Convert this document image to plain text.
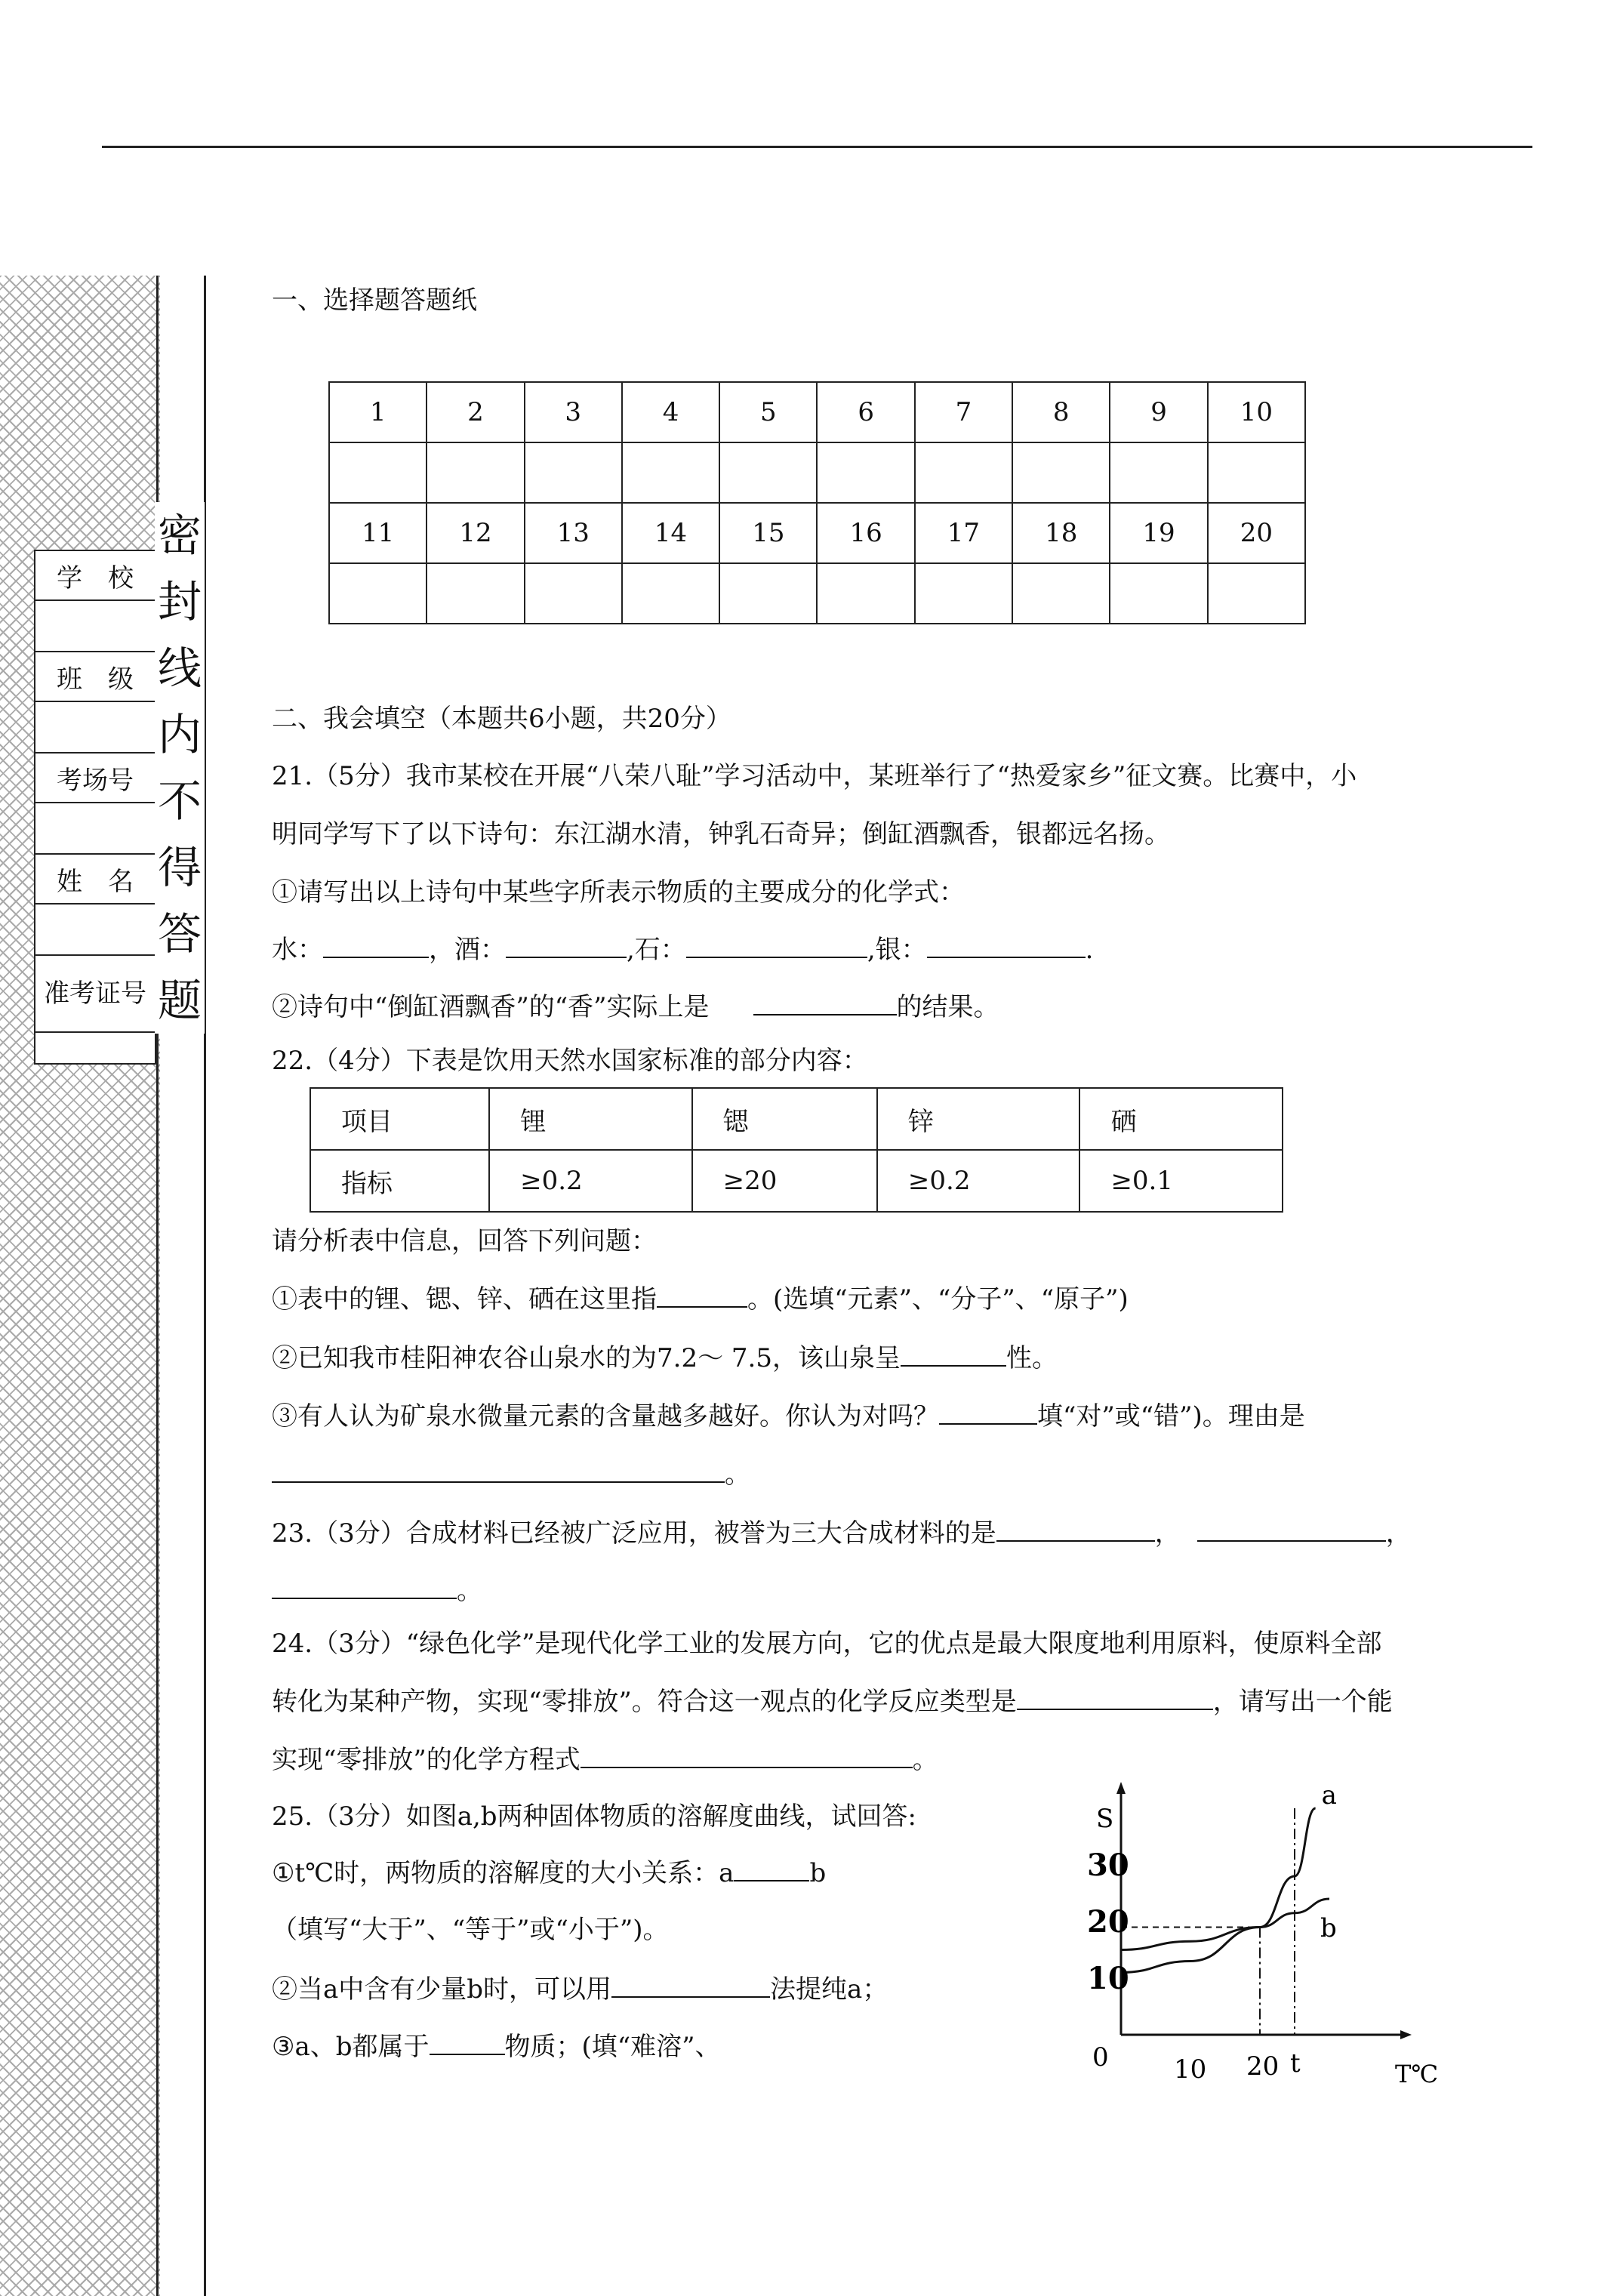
学　校

班　级

考场号

姓　名

准考证号

密
封
线
内
不
得
答
题
一、选择题答题纸
1	2	3	4	5	6	7	8	9	10

11	12	13	14	15	16	17	18	19	20

二、我会填空（本题共6小题，共20分）
21.（5分）我市某校在开展“八荣八耻”学习活动中，某班举行了“热爱家乡”征文赛。比赛中，小
明同学写下了以下诗句：东江湖水清，钟乳石奇异；倒缸酒飘香，银都远名扬。
①请写出以上诗句中某些字所表示物质的主要成分的化学式：
水：	，酒：	,石：	,银：	.
②诗句中“倒缸酒飘香”的“香”实际上是	的结果。
22.（4分）下表是饮用天然水国家标准的部分内容：
项目	锂	锶	锌	硒
指标	≥0.2	≥20	≥0.2	≥0.1
请分析表中信息，回答下列问题：
①表中的锂、锶、锌、硒在这里指	。(选填“元素”、“分子”、“原子”)
②已知我市桂阳神农谷山泉水的为7.2～ 7.5，该山泉呈	性。
③有人认为矿泉水微量元素的含量越多越好。你认为对吗？	填“对”或“错”)。理由是
。
23.（3分）合成材料已经被广泛应用，被誉为三大合成材料的是	，	，
。
24.（3分）“绿色化学”是现代化学工业的发展方向，它的优点是最大限度地利用原料，使原料全部
转化为某种产物，实现“零排放”。符合这一观点的化学反应类型是	，请写出一个能
实现“零排放”的化学方程式	。
25.（3分）如图a,b两种固体物质的溶解度曲线，试回答:
①t℃时，两物质的溶解度的大小关系：a	b
（填写“大于”、“等于”或“小于”)。
②当a中含有少量b时，可以用	法提纯a；
③a、b都属于	物质；(填“难溶”、
a
b
S
T℃
10
20
30
0	10 20 t
